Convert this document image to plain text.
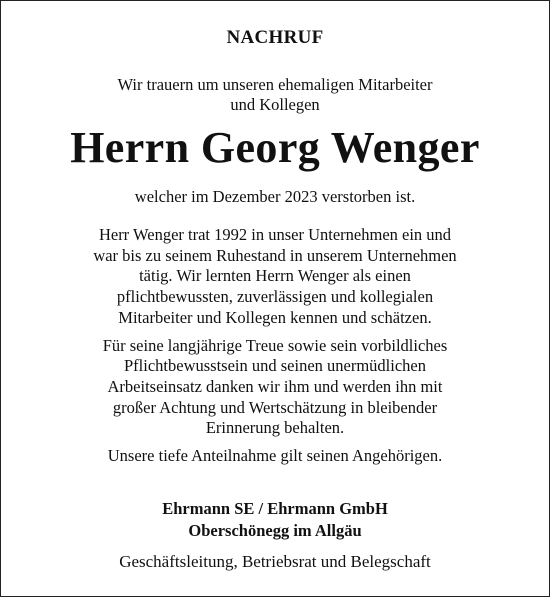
NACHRUF
Wir trauern um unseren ehemaligen Mitarbeiter
und Kollegen
Herrn Georg Wenger
welcher im Dezember 2023 verstorben ist.

Herr Wenger trat 1992 in unser Unternehmen ein und
war bis zu seinem Ruhestand in unserem Unternehmen
tätig. Wir lernten Herrn Wenger als einen
pflichtbewussten, zuverlässigen und kollegialen
Mitarbeiter und Kollegen kennen und schätzen.

Für seine langjährige Treue sowie sein vorbildliches
Pflichtbewusstsein und seinen unermüdlichen
Arbeitseinsatz danken wir ihm und werden ihn mit
großer Achtung und Wertschätzung in bleibender
Erinnerung behalten.

Unsere tiefe Anteilnahme gilt seinen Angehörigen.

Ehrmann SE / Ehrmann GmbH
Oberschönegg im Allgäu
Geschäftsleitung, Betriebsrat und Belegschaft
